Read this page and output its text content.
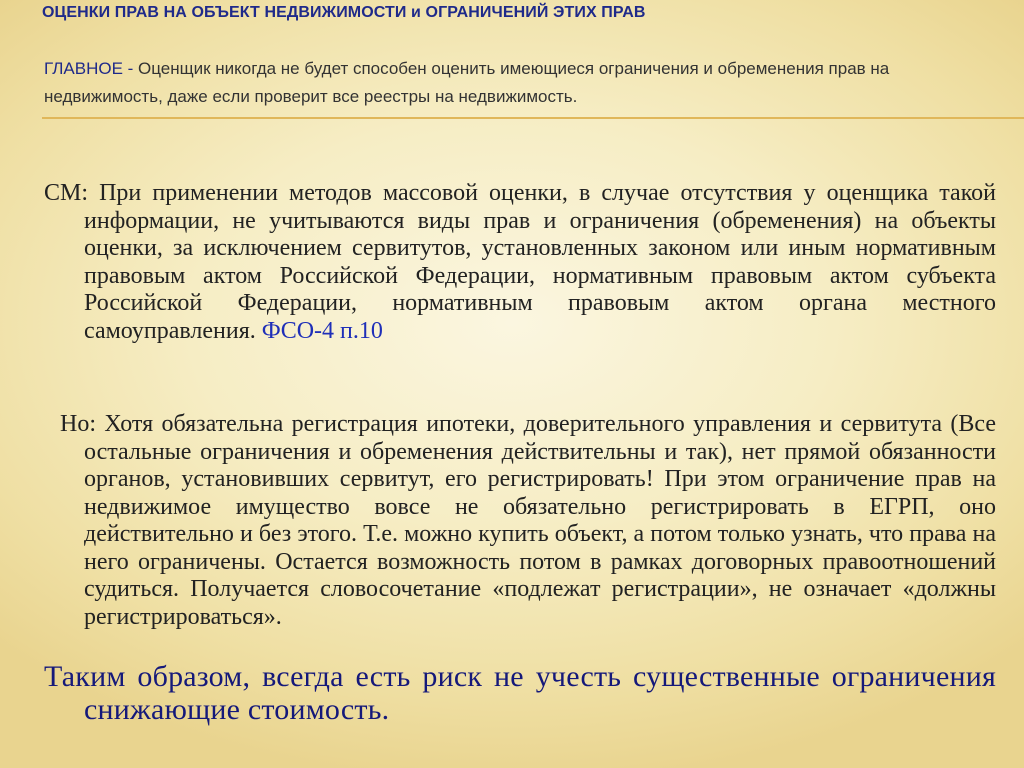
ОЦЕНКИ ПРАВ НА ОБЪЕКТ НЕДВИЖИМОСТИ и ОГРАНИЧЕНИЙ ЭТИХ ПРАВ
ГЛАВНОЕ - Оценщик никогда не будет способен оценить имеющиеся ограничения и обременения прав на недвижимость, даже если проверит все реестры на недвижимость.
СМ: При применении методов массовой оценки, в случае отсутствия у оценщика такой информации, не учитываются виды прав и ограничения (обременения) на объекты оценки, за исключением сервитутов, установленных законом или иным нормативным правовым актом Российской Федерации, нормативным правовым актом субъекта Российской Федерации, нормативным правовым актом органа местного самоуправления. ФСО-4 п.10
Но: Хотя обязательна регистрация ипотеки, доверительного управления и сервитута (Все остальные ограничения и обременения действительны и так), нет прямой обязанности органов, установивших сервитут, его регистрировать! При этом ограничение прав на недвижимое имущество вовсе не обязательно регистрировать в ЕГРП, оно действительно и без этого. Т.е. можно купить объект, а потом только узнать, что права на него ограничены. Остается возможность потом в рамках договорных правоотношений судиться. Получается словосочетание «подлежат регистрации», не означает «должны регистрироваться».
Таким образом, всегда есть риск не учесть существенные ограничения снижающие стоимость.
